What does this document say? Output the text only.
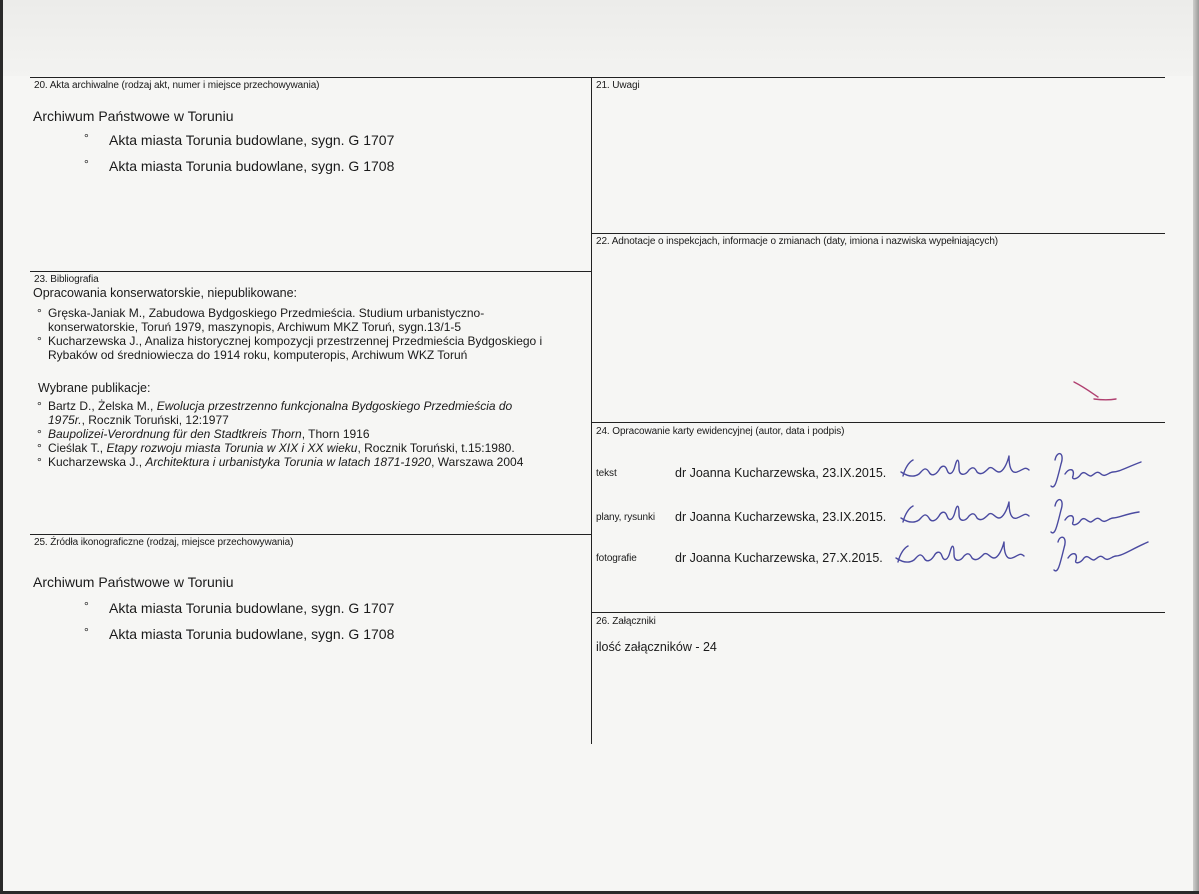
20. Akta archiwalne (rodzaj akt, numer i miejsce przechowywania)
Archiwum Państwowe w Toruniu
° Akta miasta Torunia budowlane, sygn. G 1707
° Akta miasta Torunia budowlane, sygn. G 1708
21. Uwagi
22. Adnotacje o inspekcjach, informacje o zmianach (daty, imiona i nazwiska wypełniających)
23. Bibliografia
Opracowania konserwatorskie, niepublikowane:
° Gręska-Janiak M., Zabudowa Bydgoskiego Przedmieścia. Studium urbanistyczno-
konserwatorskie, Toruń 1979, maszynopis, Archiwum MKZ Toruń, sygn.13/1-5
° Kucharzewska J., Analiza historycznej kompozycji przestrzennej Przedmieścia Bydgoskiego i
Rybaków od średniowiecza do 1914 roku, komputeropis, Archiwum WKZ Toruń
Wybrane publikacje:
° Bartz D., Żelska M., Ewolucja przestrzenno funkcjonalna Bydgoskiego Przedmieścia do
1975r., Rocznik Toruński, 12:1977
° Baupolizei-Verordnung für den Stadtkreis Thorn, Thorn 1916
° Cieślak T., Etapy rozwoju miasta Torunia w XIX i XX wieku, Rocznik Toruński, t.15:1980.
° Kucharzewska J., Architektura i urbanistyka Torunia w latach 1871-1920, Warszawa 2004
24. Opracowanie karty ewidencyjnej (autor, data i podpis)
tekst	dr Joanna Kucharzewska, 23.IX.2015.
plany, rysunki dr Joanna Kucharzewska, 23.IX.2015.
fotografie	dr Joanna Kucharzewska, 27.X.2015.
25. Źródła ikonograficzne (rodzaj, miejsce przechowywania)
Archiwum Państwowe w Toruniu
° Akta miasta Torunia budowlane, sygn. G 1707
° Akta miasta Torunia budowlane, sygn. G 1708
26. Załączniki
ilość załączników - 24
